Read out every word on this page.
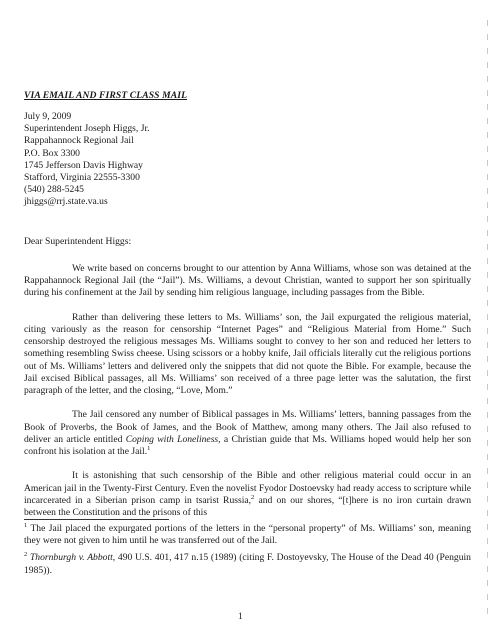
VIA EMAIL AND FIRST CLASS MAIL
July 9, 2009
Superintendent Joseph Higgs, Jr.
Rappahannock Regional Jail
P.O. Box 3300
1745 Jefferson Davis Highway
Stafford, Virginia 22555-3300
(540) 288-5245
jhiggs@rrj.state.va.us
Dear Superintendent Higgs:

We write based on concerns brought to our attention by Anna Williams, whose son was detained at the Rappahannock Regional Jail (the “Jail”). Ms. Williams, a devout Christian, wanted to support her son spiritually during his confinement at the Jail by sending him religious language, including passages from the Bible.

Rather than delivering these letters to Ms. Williams’ son, the Jail expurgated the religious material, citing variously as the reason for censorship “Internet Pages” and “Religious Material from Home.” Such censorship destroyed the religious messages Ms. Williams sought to convey to her son and reduced her letters to something resembling Swiss cheese. Using scissors or a hobby knife, Jail officials literally cut the religious portions out of Ms. Williams’ letters and delivered only the snippets that did not quote the Bible. For example, because the Jail excised Biblical passages, all Ms. Williams’ son received of a three page letter was the salutation, the first paragraph of the letter, and the closing, “Love, Mom.”

The Jail censored any number of Biblical passages in Ms. Williams’ letters, banning passages from the Book of Proverbs, the Book of James, and the Book of Matthew, among many others. The Jail also refused to deliver an article entitled Coping with Loneliness, a Christian guide that Ms. Williams hoped would help her son confront his isolation at the Jail.$^1$

It is astonishing that such censorship of the Bible and other religious material could occur in an American jail in the Twenty-First Century. Even the novelist Fyodor Dostoevsky had ready access to scripture while incarcerated in a Siberian prison camp in tsarist Russia,$^2$ and on our shores, “[t]here is no iron curtain drawn between the Constitution and the prisons of this

$^1$ The Jail placed the expurgated portions of the letters in the “personal property” of Ms. Williams’ son, meaning they were not given to him until he was transferred out of the Jail.

$^2$ Thornburgh v. Abbott, 490 U.S. 401, 417 n.15 (1989) (citing F. Dostoyevsky, The House of the Dead 40 (Penguin 1985)).

1
